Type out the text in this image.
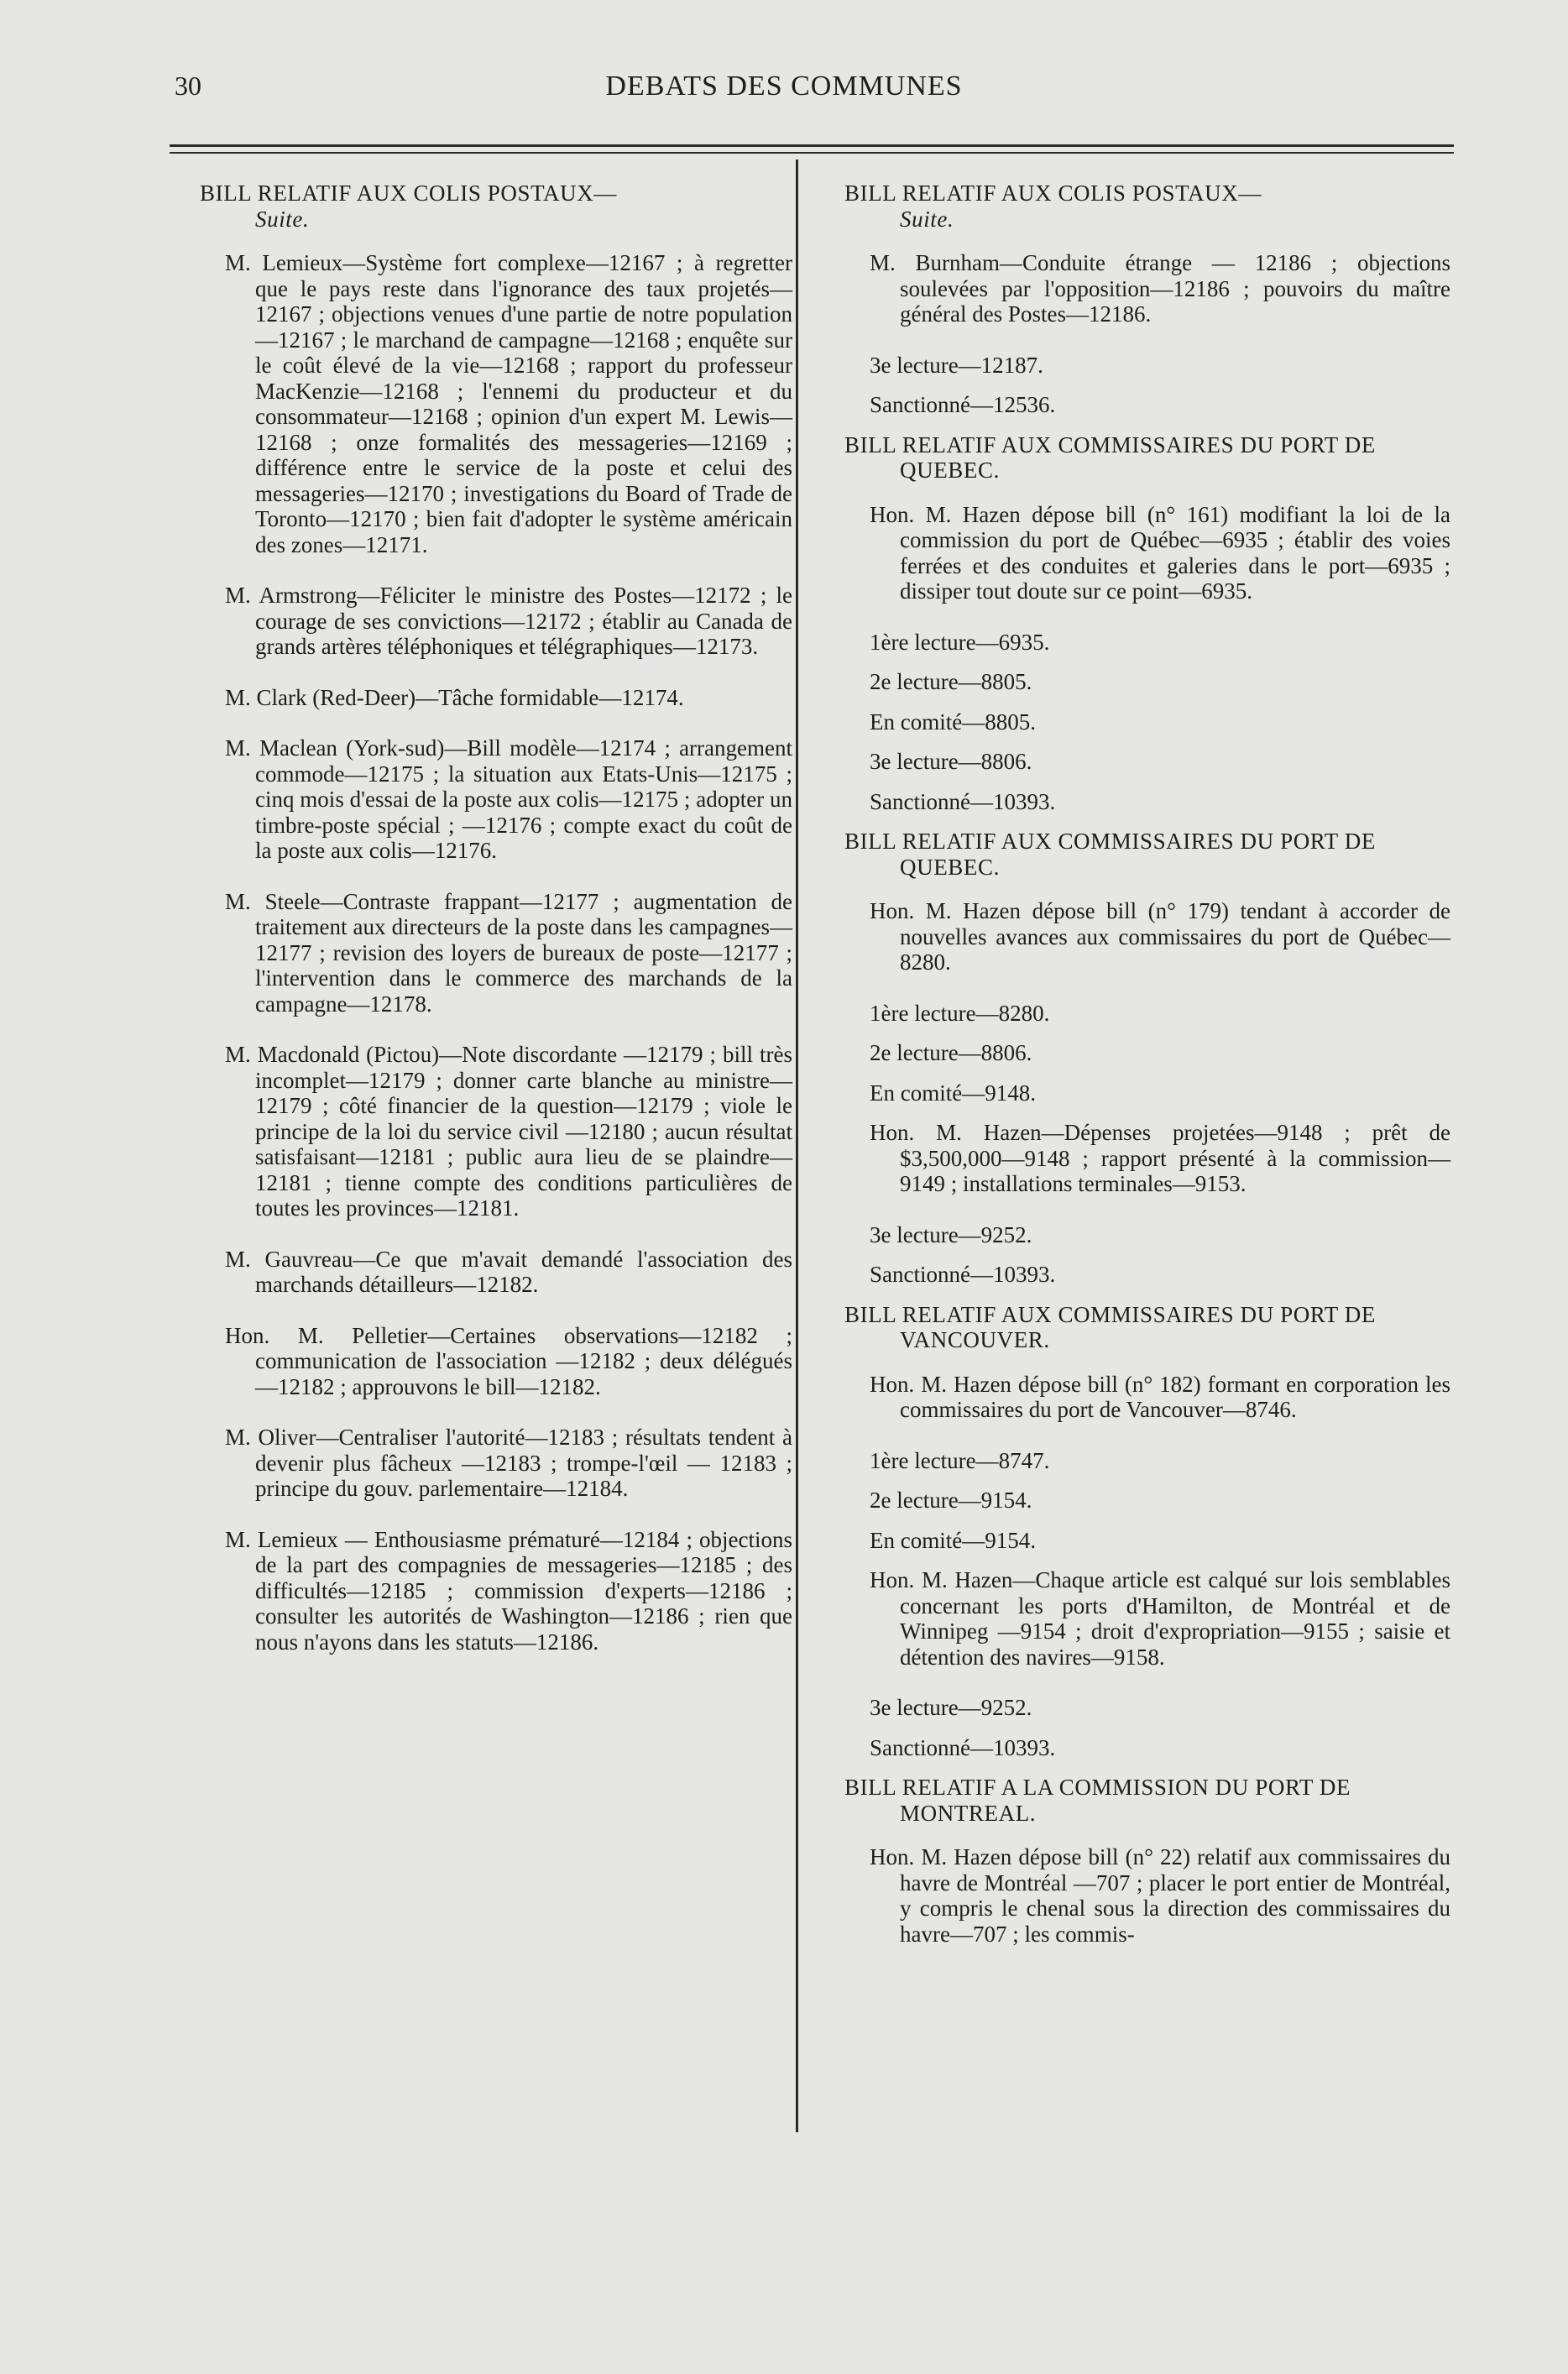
30	DEBATS DES COMMUNES
BILL RELATIF AUX COLIS POSTAUX—
Suite.

M. Lemieux—Système fort complexe—12167 ; à regretter que le pays reste dans l'ignorance des taux projetés—12167 ; objections venues d'une partie de notre population—12167 ; le marchand de campagne—12168 ; enquête sur le coût élevé de la vie—12168 ; rapport du professeur MacKenzie—12168 ; l'ennemi du producteur et du consommateur—12168 ; opinion d'un expert M. Lewis—12168 ; onze formalités des messageries—12169 ; différence entre le service de la poste et celui des messageries—12170 ; investigations du Board of Trade de Toronto—12170 ; bien fait d'adopter le système américain des zones—12171.

M. Armstrong—Féliciter le ministre des Postes—12172 ; le courage de ses convictions—12172 ; établir au Canada de grands artères téléphoniques et télégraphiques—12173.

M. Clark (Red-Deer)—Tâche formidable—12174.

M. Maclean (York-sud)—Bill modèle—12174 ; arrangement commode—12175 ; la situation aux Etats-Unis—12175 ; cinq mois d'essai de la poste aux colis—12175 ; adopter un timbre-poste spécial ; —12176 ; compte exact du coût de la poste aux colis—12176.

M. Steele—Contraste frappant—12177 ; augmentation de traitement aux directeurs de la poste dans les campagnes—12177 ; revision des loyers de bureaux de poste—12177 ; l'intervention dans le commerce des marchands de la campagne—12178.

M. Macdonald (Pictou)—Note discordante —12179 ; bill très incomplet—12179 ; donner carte blanche au ministre—12179 ; côté financier de la question—12179 ; viole le principe de la loi du service civil —12180 ; aucun résultat satisfaisant—12181 ; public aura lieu de se plaindre—12181 ; tienne compte des conditions particulières de toutes les provinces—12181.

M. Gauvreau—Ce que m'avait demandé l'association des marchands détailleurs—12182.

Hon. M. Pelletier—Certaines observations—12182 ; communication de l'association —12182 ; deux délégués—12182 ; approuvons le bill—12182.

M. Oliver—Centraliser l'autorité—12183 ; résultats tendent à devenir plus fâcheux —12183 ; trompe-l'œil — 12183 ; principe du gouv. parlementaire—12184.

M. Lemieux — Enthousiasme prématuré—12184 ; objections de la part des compagnies de messageries—12185 ; des difficultés—12185 ; commission d'experts—12186 ; consulter les autorités de Washington—12186 ; rien que nous n'ayons dans les statuts—12186.

BILL RELATIF AUX COLIS POSTAUX—
Suite.

M. Burnham—Conduite étrange — 12186 ; objections soulevées par l'opposition—12186 ; pouvoirs du maître général des Postes—12186.

3e lecture—12187.

Sanctionné—12536.

BILL RELATIF AUX COMMISSAIRES DU PORT DE QUEBEC.

Hon. M. Hazen dépose bill (n° 161) modifiant la loi de la commission du port de Québec—6935 ; établir des voies ferrées et des conduites et galeries dans le port—6935 ; dissiper tout doute sur ce point—6935.

1ère lecture—6935.

2e lecture—8805.

En comité—8805.

3e lecture—8806.

Sanctionné—10393.

BILL RELATIF AUX COMMISSAIRES DU PORT DE QUEBEC.

Hon. M. Hazen dépose bill (n° 179) tendant à accorder de nouvelles avances aux commissaires du port de Québec—8280.

1ère lecture—8280.

2e lecture—8806.

En comité—9148.

Hon. M. Hazen—Dépenses projetées—9148 ; prêt de $3,500,000—9148 ; rapport présenté à la commission—9149 ; installations terminales—9153.

3e lecture—9252.

Sanctionné—10393.

BILL RELATIF AUX COMMISSAIRES DU PORT DE VANCOUVER.

Hon. M. Hazen dépose bill (n° 182) formant en corporation les commissaires du port de Vancouver—8746.

1ère lecture—8747.

2e lecture—9154.

En comité—9154.

Hon. M. Hazen—Chaque article est calqué sur lois semblables concernant les ports d'Hamilton, de Montréal et de Winnipeg —9154 ; droit d'expropriation—9155 ; saisie et détention des navires—9158.

3e lecture—9252.

Sanctionné—10393.

BILL RELATIF A LA COMMISSION DU PORT DE MONTREAL.

Hon. M. Hazen dépose bill (n° 22) relatif aux commissaires du havre de Montréal —707 ; placer le port entier de Montréal, y compris le chenal sous la direction des commissaires du havre—707 ; les commis-
